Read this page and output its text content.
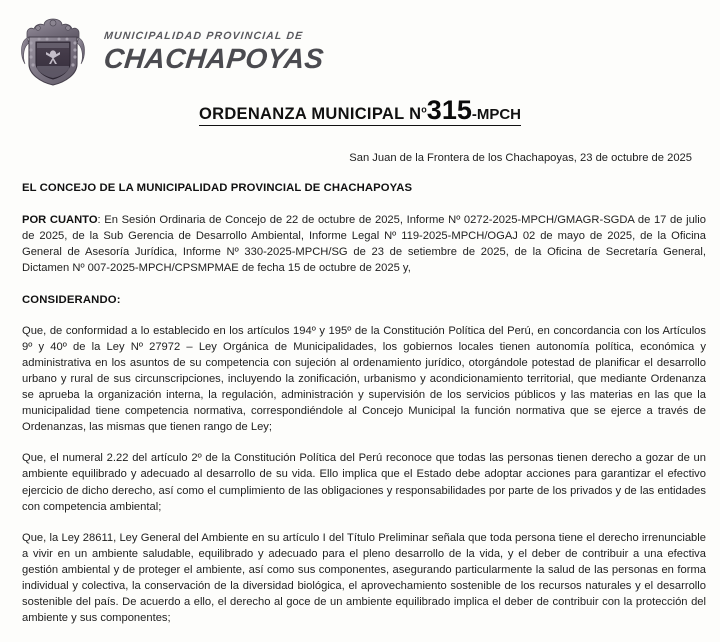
MUNICIPALIDAD PROVINCIAL DE
CHACHAPOYAS
ORDENANZA MUNICIPAL $N^o315$-MPCH
San Juan de la Frontera de los Chachapoyas, 23 de octubre de 2025
EL CONCEJO DE LA MUNICIPALIDAD PROVINCIAL DE CHACHAPOYAS

POR CUANTO: En Sesión Ordinaria de Concejo de 22 de octubre de 2025, Informe Nº 0272-2025-MPCH/GMAGR-SGDA de 17 de julio de 2025, de la Sub Gerencia de Desarrollo Ambiental, Informe Legal Nº 119-2025-MPCH/OGAJ 02 de mayo de 2025, de la Oficina General de Asesoría Jurídica, Informe Nº 330-2025-MPCH/SG de 23 de setiembre de 2025, de la Oficina de Secretaría General, Dictamen Nº 007-2025-MPCH/CPSMPMAE de fecha 15 de octubre de 2025 y,

CONSIDERANDO:

Que, de conformidad a lo establecido en los artículos 194º y 195º de la Constitución Política del Perú, en concordancia con los Artículos 9º y 40º de la Ley Nº 27972 – Ley Orgánica de Municipalidades, los gobiernos locales tienen autonomía política, económica y administrativa en los asuntos de su competencia con sujeción al ordenamiento jurídico, otorgándole potestad de planificar el desarrollo urbano y rural de sus circunscripciones, incluyendo la zonificación, urbanismo y acondicionamiento territorial, que mediante Ordenanza se aprueba la organización interna, la regulación, administración y supervisión de los servicios públicos y las materias en las que la municipalidad tiene competencia normativa, correspondiéndole al Concejo Municipal la función normativa que se ejerce a través de Ordenanzas, las mismas que tienen rango de Ley;

Que, el numeral 2.22 del artículo 2º de la Constitución Política del Perú reconoce que todas las personas tienen derecho a gozar de un ambiente equilibrado y adecuado al desarrollo de su vida. Ello implica que el Estado debe adoptar acciones para garantizar el efectivo ejercicio de dicho derecho, así como el cumplimiento de las obligaciones y responsabilidades por parte de los privados y de las entidades con competencia ambiental;

Que, la Ley 28611, Ley General del Ambiente en su artículo I del Título Preliminar señala que toda persona tiene el derecho irrenunciable a vivir en un ambiente saludable, equilibrado y adecuado para el pleno desarrollo de la vida, y el deber de contribuir a una efectiva gestión ambiental y de proteger el ambiente, así como sus componentes, asegurando particularmente la salud de las personas en forma individual y colectiva, la conservación de la diversidad biológica, el aprovechamiento sostenible de los recursos naturales y el desarrollo sostenible del país. De acuerdo a ello, el derecho al goce de un ambiente equilibrado implica el deber de contribuir con la protección del ambiente y sus componentes;
